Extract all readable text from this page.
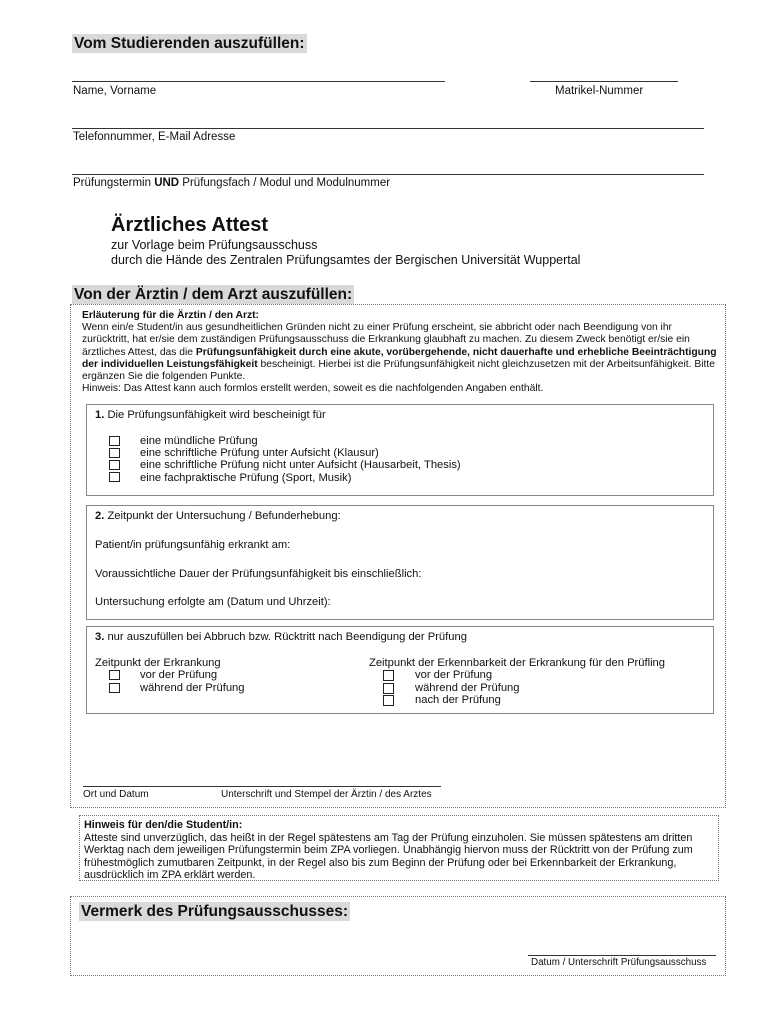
Vom Studierenden auszufüllen:
Name, Vorname	Matrikel-Nummer
Telefonnummer, E-Mail Adresse
Prüfungstermin UND Prüfungsfach / Modul und Modulnummer
Ärztliches Attest
zur Vorlage beim Prüfungsausschuss
durch die Hände des Zentralen Prüfungsamtes der Bergischen Universität Wuppertal
Von der Ärztin / dem Arzt auszufüllen:
Erläuterung für die Ärztin / den Arzt:
Wenn ein/e Student/in aus gesundheitlichen Gründen nicht zu einer Prüfung erscheint, sie abbricht oder nach Beendigung von ihr zurücktritt, hat er/sie dem zuständigen Prüfungsausschuss die Erkrankung glaubhaft zu machen. Zu diesem Zweck benötigt er/sie ein ärztliches Attest, das die Prüfungsunfähigkeit durch eine akute, vorübergehende, nicht dauerhafte und erhebliche Beeinträchtigung der individuellen Leistungsfähigkeit bescheinigt. Hierbei ist die Prüfungsunfähigkeit nicht gleichzusetzen mit der Arbeitsunfähigkeit. Bitte ergänzen Sie die folgenden Punkte.
Hinweis: Das Attest kann auch formlos erstellt werden, soweit es die nachfolgenden Angaben enthält.
1. Die Prüfungsunfähigkeit wird bescheinigt für
eine mündliche Prüfung
eine schriftliche Prüfung unter Aufsicht (Klausur)
eine schriftliche Prüfung nicht unter Aufsicht (Hausarbeit, Thesis)
eine fachpraktische Prüfung (Sport, Musik)
2. Zeitpunkt der Untersuchung / Befunderhebung:
Patient/in prüfungsunfähig erkrankt am:
Voraussichtliche Dauer der Prüfungsunfähigkeit bis einschließlich:
Untersuchung erfolgte am (Datum und Uhrzeit):
3. nur auszufüllen bei Abbruch bzw. Rücktritt nach Beendigung der Prüfung
Zeitpunkt der Erkrankung
vor der Prüfung
während der Prüfung
Zeitpunkt der Erkennbarkeit der Erkrankung für den Prüfling
vor der Prüfung
während der Prüfung
nach der Prüfung
Ort und Datum	Unterschrift und Stempel der Ärztin / des Arztes
Hinweis für den/die Student/in:
Atteste sind unverzüglich, das heißt in der Regel spätestens am Tag der Prüfung einzuholen. Sie müssen spätestens am dritten Werktag nach dem jeweiligen Prüfungstermin beim ZPA vorliegen. Unabhängig hiervon muss der Rücktritt von der Prüfung zum frühestmöglich zumutbaren Zeitpunkt, in der Regel also bis zum Beginn der Prüfung oder bei Erkennbarkeit der Erkrankung, ausdrücklich im ZPA erklärt werden.
Vermerk des Prüfungsausschusses:
Datum / Unterschrift Prüfungsausschuss
